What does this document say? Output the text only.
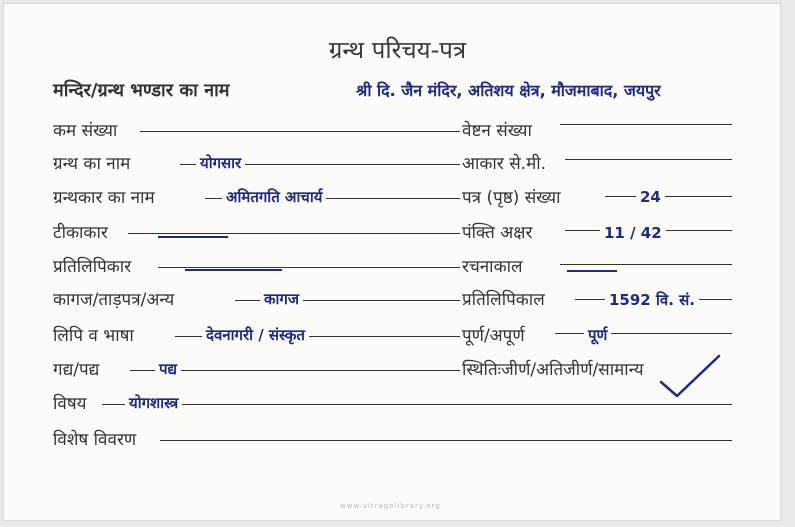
ग्रन्थ परिचय-पत्र
मन्दिर/ग्रन्थ भण्डार का नाम	श्री दि. जैन मंदिर, अतिशय क्षेत्र, मौजमाबाद, जयपुर
कम संख्या
ग्रन्थ का नाम
ग्रन्थकार का नाम
टीकाकार
प्रतिलिपिकार
कागज/ताड़पत्र/अन्य
लिपि व भाषा
गद्य/पद्य
विषय
विशेष विवरण
योगसार
अमितगति आचार्य
कागज
देवनागरी / संस्कृत
पद्य
योगशास्त्र
वेष्टन संख्या
आकार से.मी.
पत्र (पृष्ठ) संख्या
पंक्ति अक्षर
रचनाकाल
प्रतिलिपिकाल
पूर्ण/अपूर्ण
स्थितिःजीर्ण/अतिजीर्ण/सामान्य
24
11 / 42
1592 वि. सं.
पूर्ण
www.vitragelibrary.org
